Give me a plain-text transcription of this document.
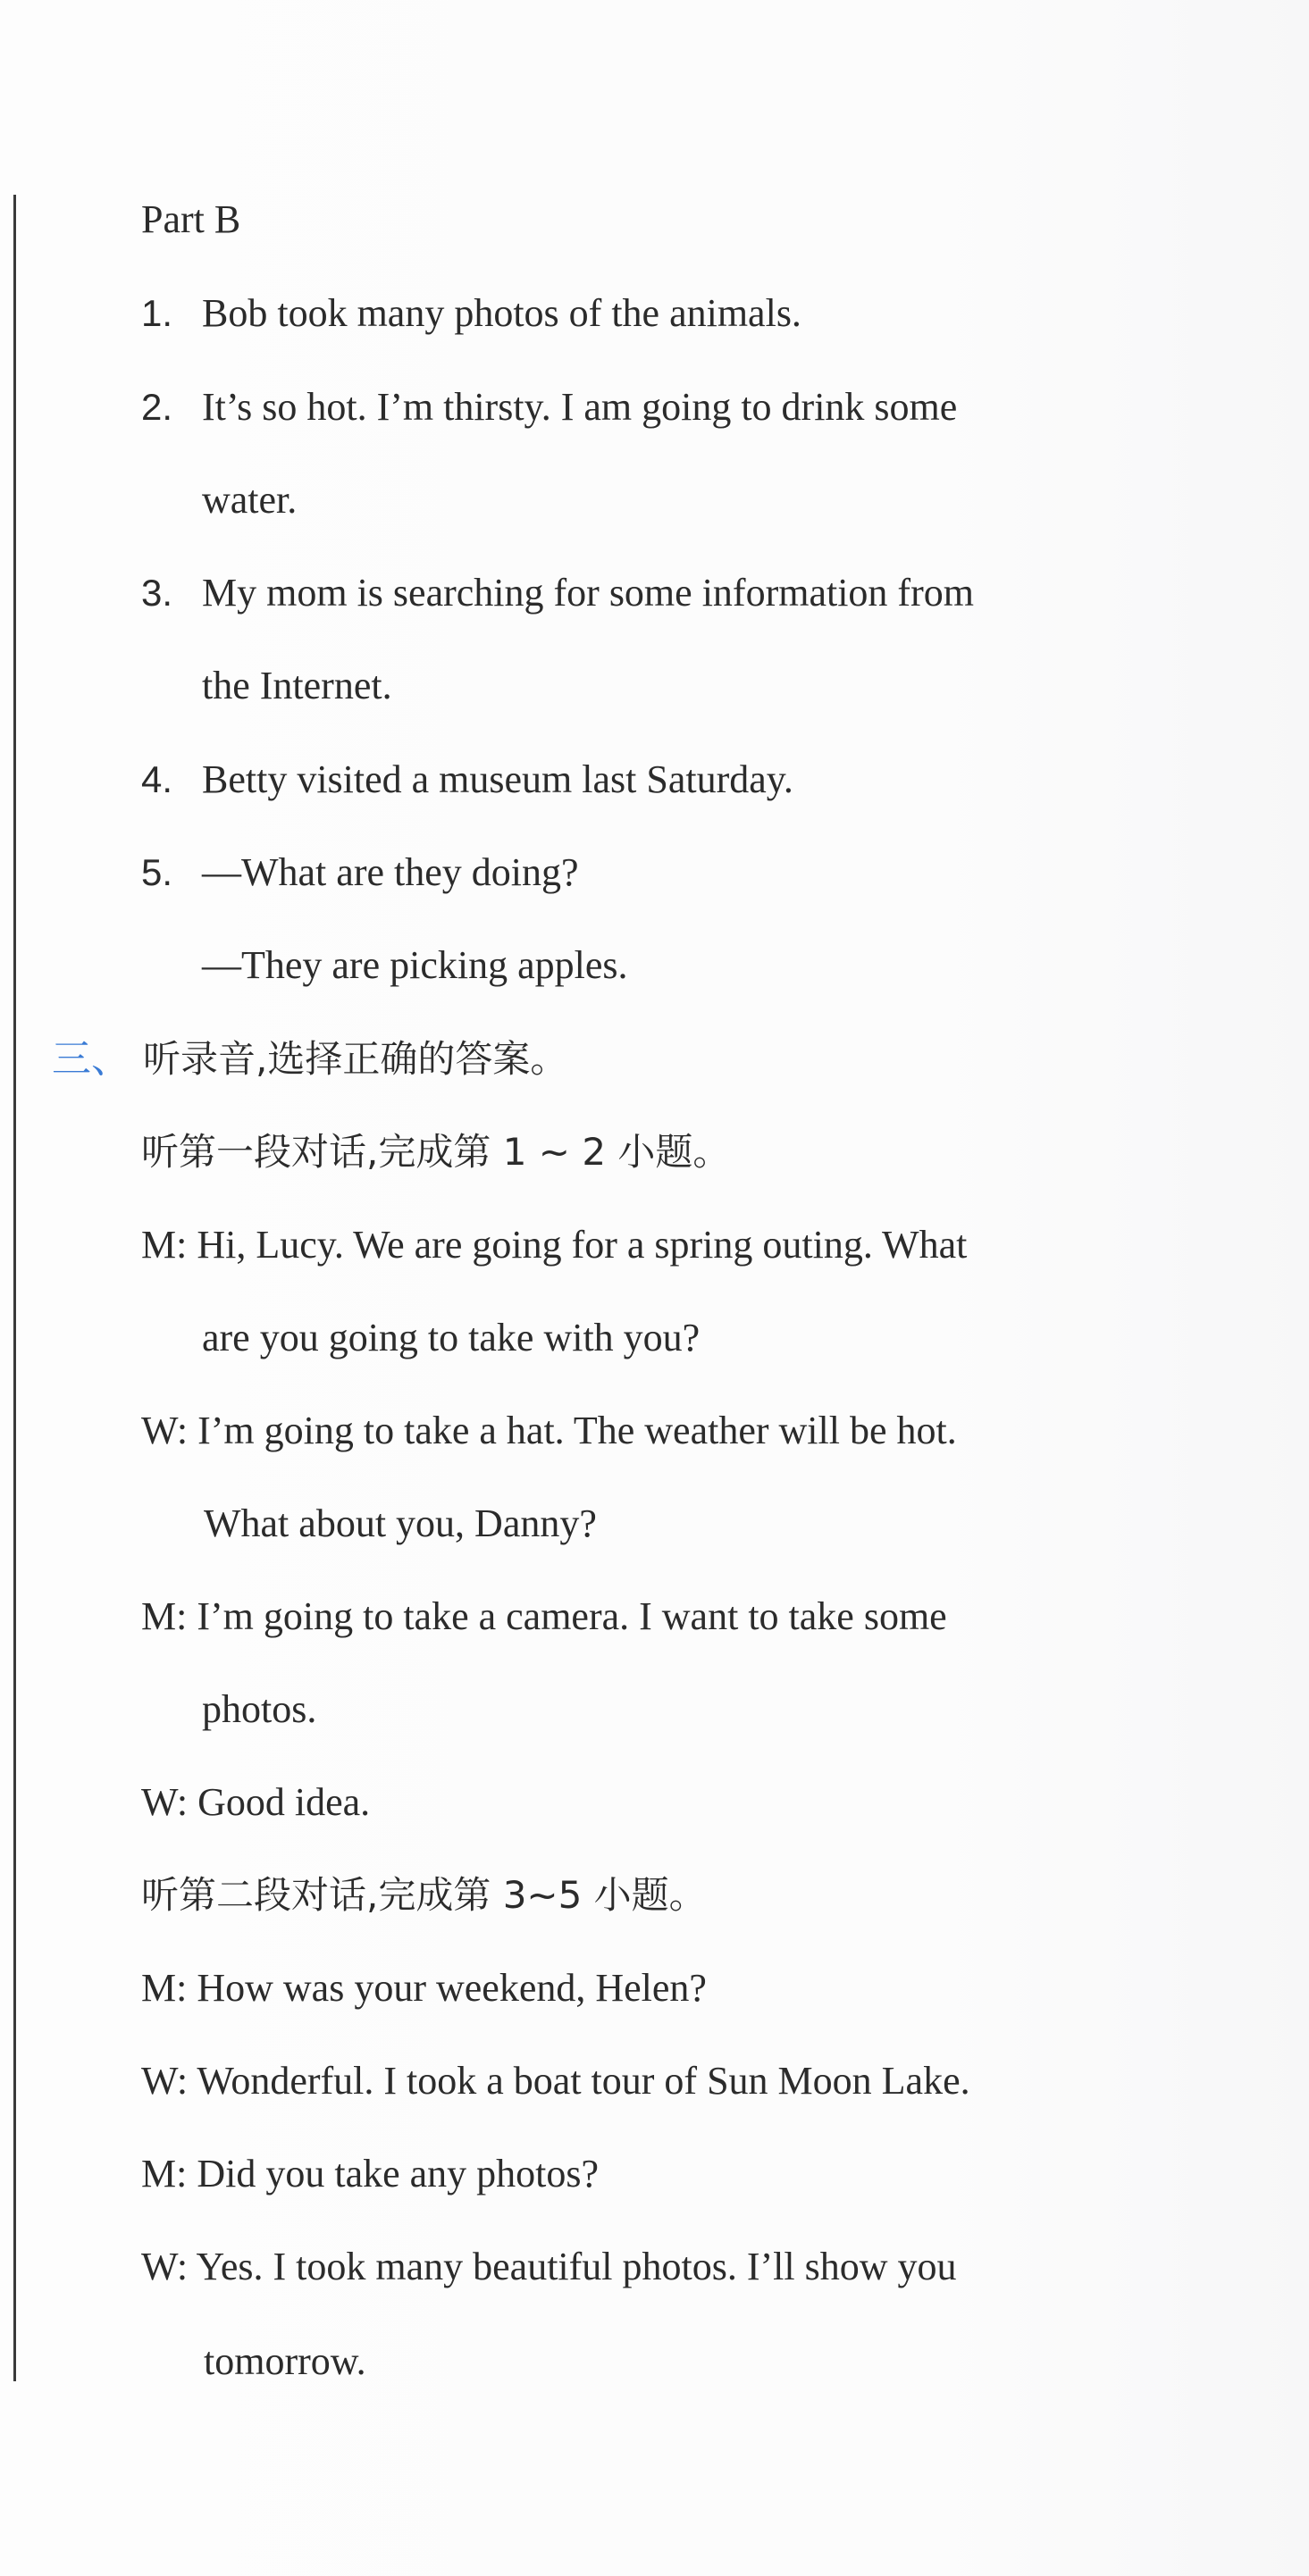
Part B
1. Bob took many photos of the animals.
2. It’s so hot. I’m thirsty. I am going to drink some
water.
3. My mom is searching for some information from
the Internet.
4. Betty visited a museum last Saturday.
5. —What are they doing?
—They are picking apples.
三、 听录音,选择正确的答案。
听第一段对话,完成第 1 ~ 2 小题。
M: Hi, Lucy. We are going for a spring outing. What
are you going to take with you?
W: I’m going to take a hat. The weather will be hot.
What about you, Danny?
M: I’m going to take a camera. I want to take some
photos.
W: Good idea.
听第二段对话,完成第 3~5 小题。
M: How was your weekend, Helen?
W: Wonderful. I took a boat tour of Sun Moon Lake.
M: Did you take any photos?
W: Yes. I took many beautiful photos. I’ll show you
tomorrow.
